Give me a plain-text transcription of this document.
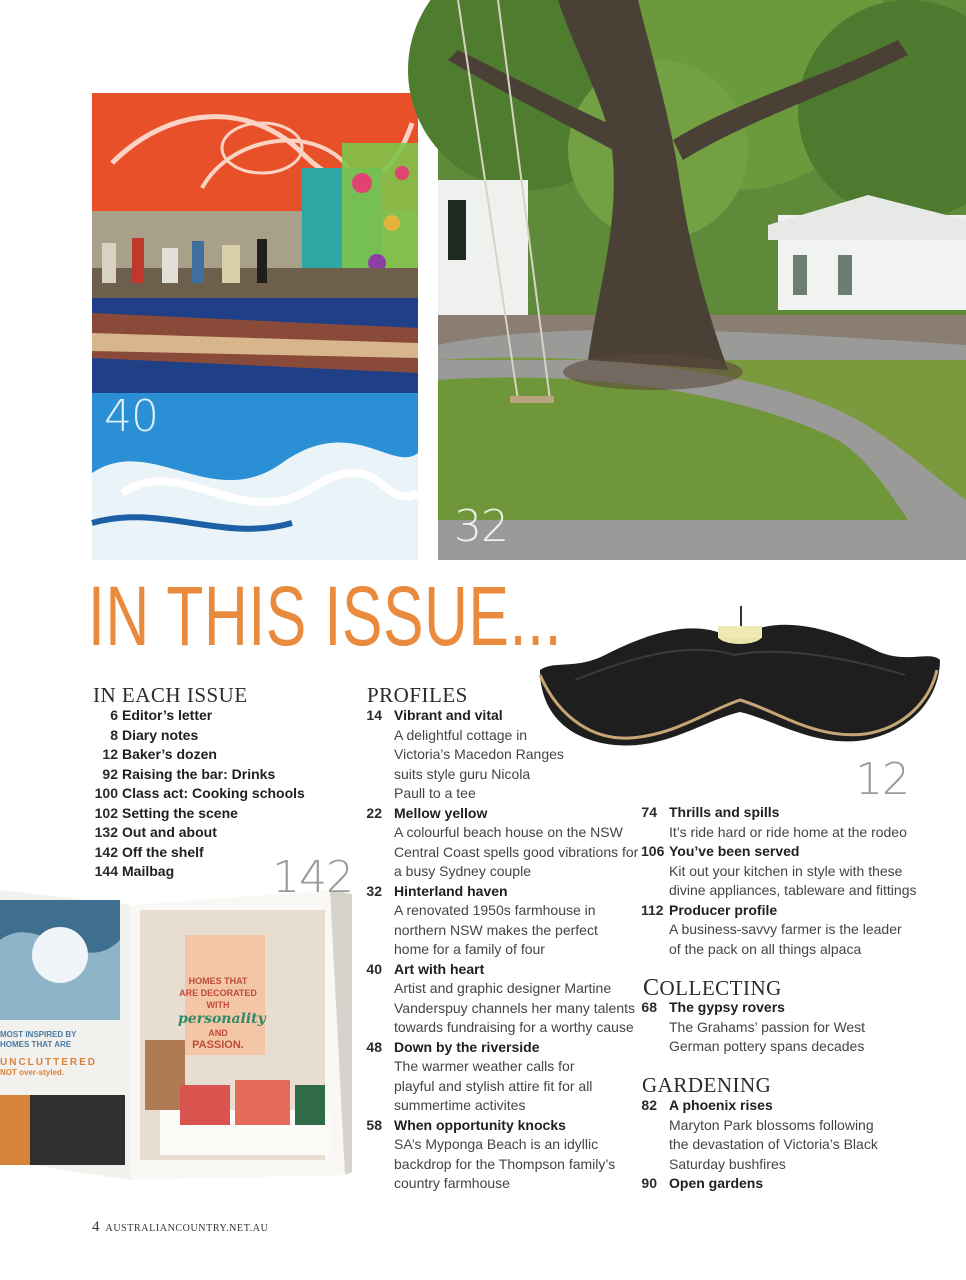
40
32
IN THIS ISSUE...
12
HOMES THAT
ARE DECORATED
WITH
personality
AND
PASSION.
MOST INSPIRED BY
HOMES THAT ARE
UNCLUTTERED
NOT over-styled.
142
IN EACH ISSUE
6 Editor’s letter
8 Diary notes
12 Baker’s dozen
92 Raising the bar: Drinks
100 Class act: Cooking schools
102 Setting the scene
132 Out and about
142 Off the shelf
144 Mailbag
PROFILES
14 Vibrant and vital
A delightful cottage in
Victoria’s Macedon Ranges
suits style guru Nicola
Paull to a tee
22 Mellow yellow
A colourful beach house on the NSW
Central Coast spells good vibrations for
a busy Sydney couple
32 Hinterland haven
A renovated 1950s farmhouse in
northern NSW makes the perfect
home for a family of four
40 Art with heart
Artist and graphic designer Martine
Vanderspuy channels her many talents
towards fundraising for a worthy cause
48 Down by the riverside
The warmer weather calls for
playful and stylish attire fit for all
summertime activites
58 When opportunity knocks
SA’s Myponga Beach is an idyllic
backdrop for the Thompson family’s
country farmhouse
74 Thrills and spills
It’s ride hard or ride home at the rodeo
106 You’ve been served
Kit out your kitchen in style with these
divine appliances, tableware and fittings
112 Producer profile
A business-savvy farmer is the leader
of the pack on all things alpaca
COLLECTING
68 The gypsy rovers
The Grahams’ passion for West
German pottery spans decades
GARDENING
82 A phoenix rises
Maryton Park blossoms following
the devastation of Victoria’s Black
Saturday bushfires
90 Open gardens
4 AUSTRALIANCOUNTRY.NET.AU
